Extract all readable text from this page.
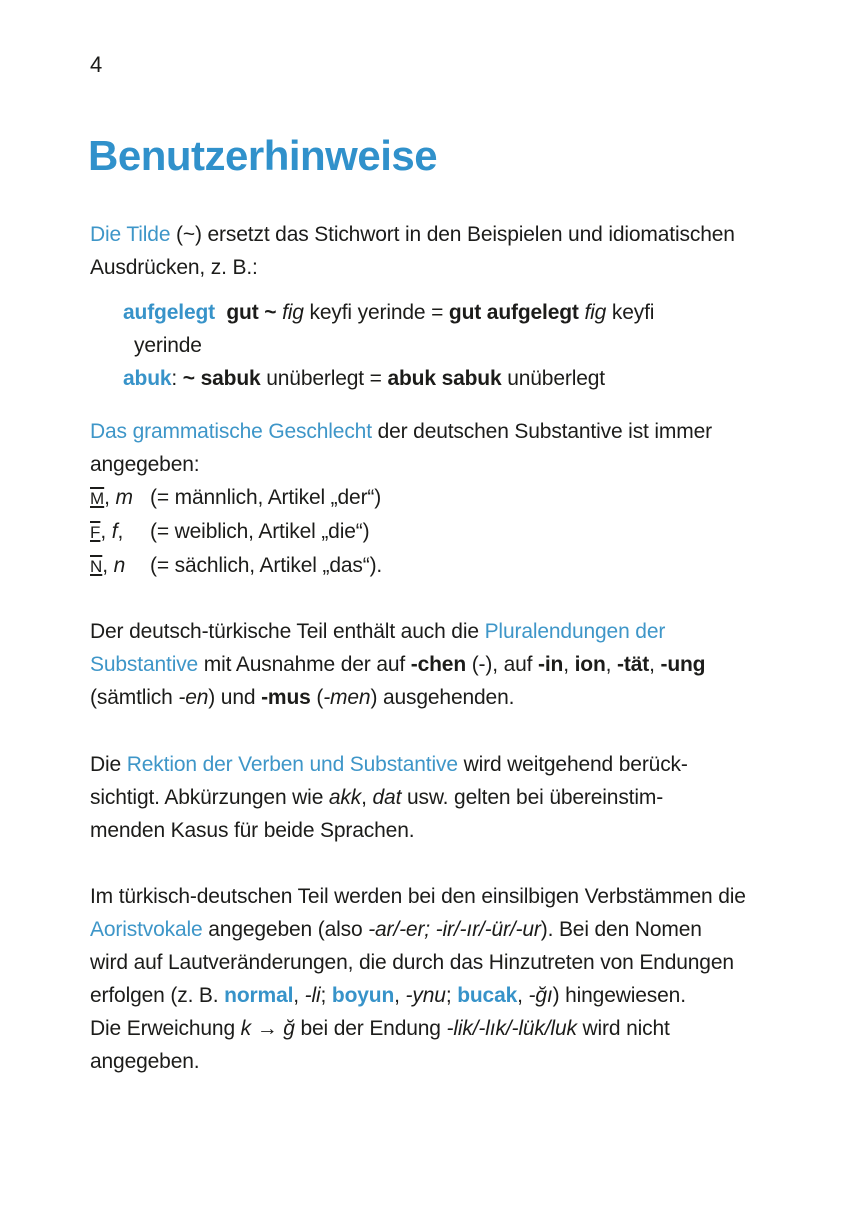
4
Benutzerhinweise
Die Tilde (~) ersetzt das Stichwort in den Beispielen und idiomatischen
Ausdrücken, z. B.:
aufgelegt gut ~ fig keyfi yerinde = gut aufgelegt fig keyfi
yerinde
abuk: ~ sabuk unüberlegt = abuk sabuk unüberlegt
Das grammatische Geschlecht der deutschen Substantive ist immer
angegeben:
M, m (= männlich, Artikel „der“)
F, f, (= weiblich, Artikel „die“)
N, n (= sächlich, Artikel „das“).
Der deutsch-türkische Teil enthält auch die Pluralendungen der
Substantive mit Ausnahme der auf -chen (-), auf -in, ion, -tät, -ung
(sämtlich -en) und -mus (-men) ausgehenden.
Die Rektion der Verben und Substantive wird weitgehend berück-
sichtigt. Abkürzungen wie akk, dat usw. gelten bei übereinstim-
menden Kasus für beide Sprachen.
Im türkisch-deutschen Teil werden bei den einsilbigen Verbstämmen die
Aoristvokale angegeben (also -ar/-er; -ir/-ır/-ür/-ur). Bei den Nomen
wird auf Lautveränderungen, die durch das Hinzutreten von Endungen
erfolgen (z. B. normal, -li; boyun, -ynu; bucak, -ğı) hingewiesen.
Die Erweichung k → ğ bei der Endung -lik/-lık/-lük/luk wird nicht
angegeben.
